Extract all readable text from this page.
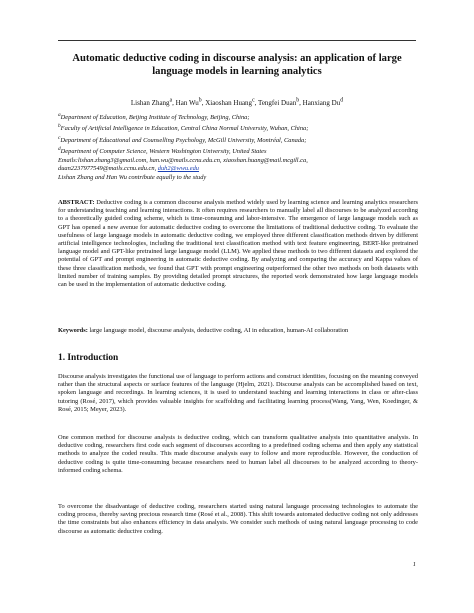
Automatic deductive coding in discourse analysis: an application of large language models in learning analytics
Lishan Zhang$^a$, Han Wu$^b$, Xiaoshan Huang$^c$, Tengfei Duan$^b$, Hanxiang Du$^d$
$^a$Department of Education, Beijing Institute of Technology, Beijing, China;
$^b$Faculty of Artificial Intelligence in Education, Central China Normal University, Wuhan, China;
$^c$Department of Educational and Counselling Psychology, McGill University, Montréal, Canada;
$^d$Department of Computer Science, Western Washington University, United States
Emails:lishan.zhang3@gmail.com, han.wu@mails.ccnu.edu.cn, xiaoshan.huang@mail.mcgill.ca,
duan2237977549@mails.ccnu.edu.cn, duh2@wwu.edu
Lishan Zhang and Han Wu contribute equally to the study
ABSTRACT: Deductive coding is a common discourse analysis method widely used by learning science and learning analytics researchers for understanding teaching and learning interactions. It often requires researchers to manually label all discourses to be analyzed according to a theoretically guided coding scheme, which is time-consuming and labor-intensive. The emergence of large language models such as GPT has opened a new avenue for automatic deductive coding to overcome the limitations of traditional deductive coding. To evaluate the usefulness of large language models in automatic deductive coding, we employed three different classification methods driven by different artificial intelligence technologies, including the traditional text classification method with text feature engineering, BERT-like pretrained language model and GPT-like pretrained large language model (LLM). We applied these methods to two different datasets and explored the potential of GPT and prompt engineering in automatic deductive coding. By analyzing and comparing the accuracy and Kappa values of these three classification methods, we found that GPT with prompt engineering outperformed the other two methods on both datasets with limited number of training samples. By providing detailed prompt structures, the reported work demonstrated how large language models can be used in the implementation of automatic deductive coding.
Keywords: large language model, discourse analysis, deductive coding, AI in education, human-AI collaboration
1. Introduction
Discourse analysis investigates the functional use of language to perform actions and construct identities, focusing on the meaning conveyed rather than the structural aspects or surface features of the language (Hjelm, 2021). Discourse analysis can be accomplished based on text, spoken language and recordings. In learning sciences, it is used to understand teaching and learning interactions in class or after-class tutoring (Rosé, 2017), which provides valuable insights for scaffolding and facilitating learning process(Wang, Yang, Wen, Koedinger, & Rosé, 2015; Meyer, 2023).
One common method for discourse analysis is deductive coding, which can transform qualitative analysis into quantitative analysis. In deductive coding, researchers first code each segment of discourses according to a predefined coding schema and then apply any statistical methods to analyze the coded results. This made discourse analysis easy to follow and more reproducible. However, the conduction of deductive coding is quite time-consuming because researchers need to human label all discourses to be analyzed according to theory-informed coding schema.
To overcome the disadvantage of deductive coding, researchers started using natural language processing technologies to automate the coding process, thereby saving precious research time (Rosé et al., 2008). This shift towards automated deductive coding not only addresses the time constraints but also enhances efficiency in data analysis. We consider such methods of using natural language processing to code discourse as automatic deductive coding.
1
